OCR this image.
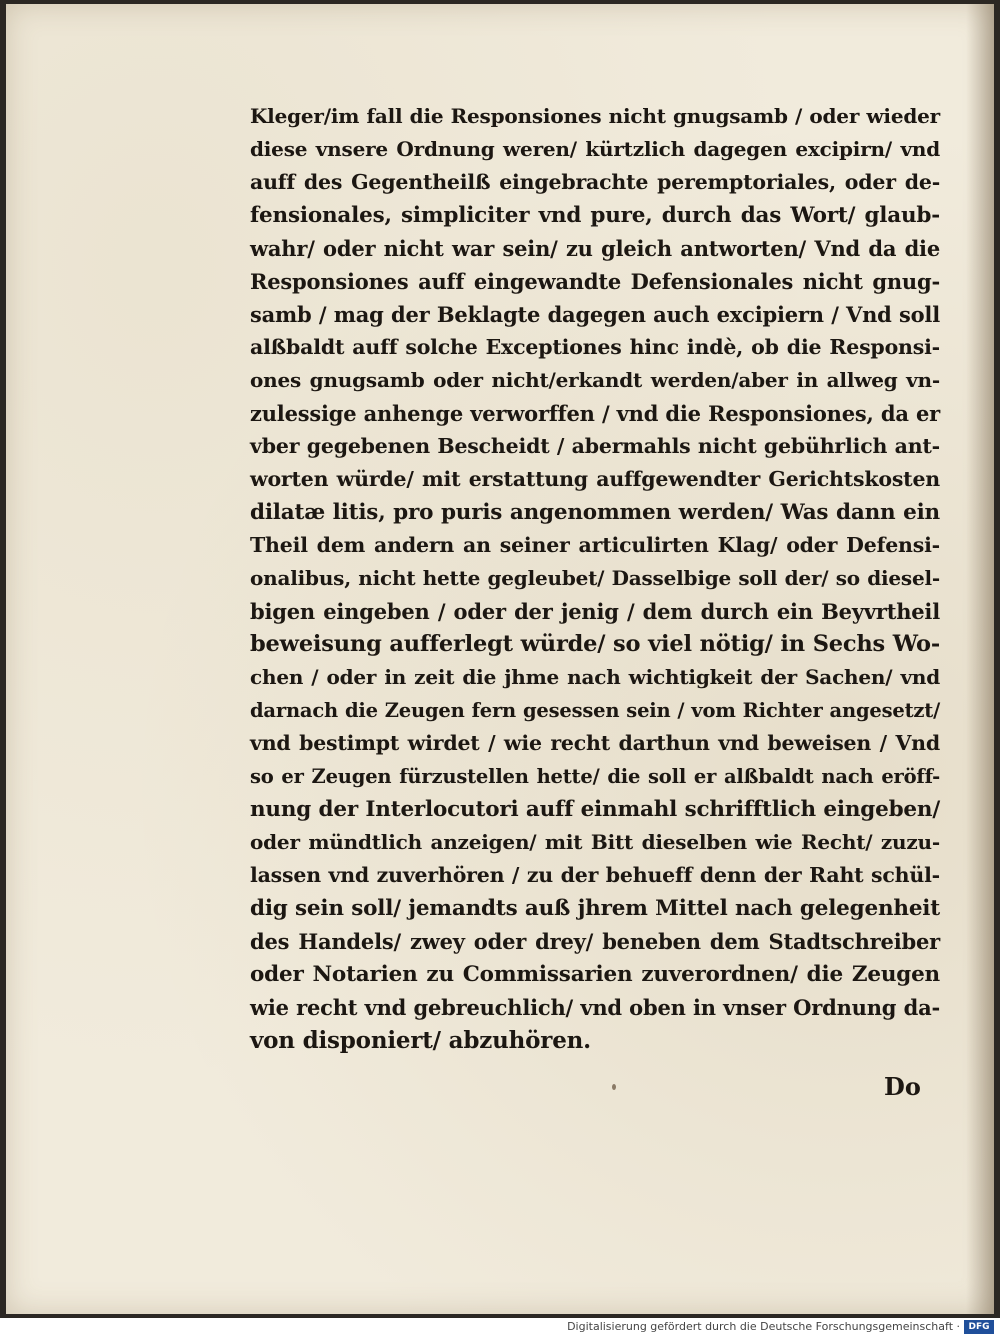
Kleger/im fall die Responsiones nicht gnugsamb / oder wieder
diese vnsere Ordnung weren/ kürtzlich dagegen excipirn/ vnd
auff des Gegentheilß eingebrachte peremptoriales, oder de-
fensionales, simpliciter vnd pure, durch das Wort/ glaub-
wahr/ oder nicht war sein/ zu gleich antworten/ Vnd da die
Responsiones auff eingewandte Defensionales nicht gnug-
samb / mag der Beklagte dagegen auch excipiern / Vnd soll
alßbaldt auff solche Exceptiones hinc indè, ob die Responsi-
ones gnugsamb oder nicht/erkandt werden/aber in allweg vn-
zulessige anhenge verworffen / vnd die Responsiones, da er
vber gegebenen Bescheidt / abermahls nicht gebührlich ant-
worten würde/ mit erstattung auffgewendter Gerichtskosten
dilatæ litis, pro puris angenommen werden/ Was dann ein
Theil dem andern an seiner articulirten Klag/ oder Defensi-
onalibus, nicht hette gegleubet/ Dasselbige soll der/ so diesel-
bigen eingeben / oder der jenig / dem durch ein Beyvrtheil
beweisung aufferlegt würde/ so viel nötig/ in Sechs Wo-
chen / oder in zeit die jhme nach wichtigkeit der Sachen/ vnd
darnach die Zeugen fern gesessen sein / vom Richter angesetzt/
vnd bestimpt wirdet / wie recht darthun vnd beweisen / Vnd
so er Zeugen fürzustellen hette/ die soll er alßbaldt nach eröff-
nung der Interlocutori auff einmahl schrifftlich eingeben/
oder mündtlich anzeigen/ mit Bitt dieselben wie Recht/ zuzu-
lassen vnd zuverhören / zu der behueff denn der Raht schül-
dig sein soll/ jemandts auß jhrem Mittel nach gelegenheit
des Handels/ zwey oder drey/ beneben dem Stadtschreiber
oder Notarien zu Commissarien zuverordnen/ die Zeugen
wie recht vnd gebreuchlich/ vnd oben in vnser Ordnung da-
von disponiert/ abzuhören.
Do
Digitalisierung gefördert durch die Deutsche Forschungsgemeinschaft · DFG
